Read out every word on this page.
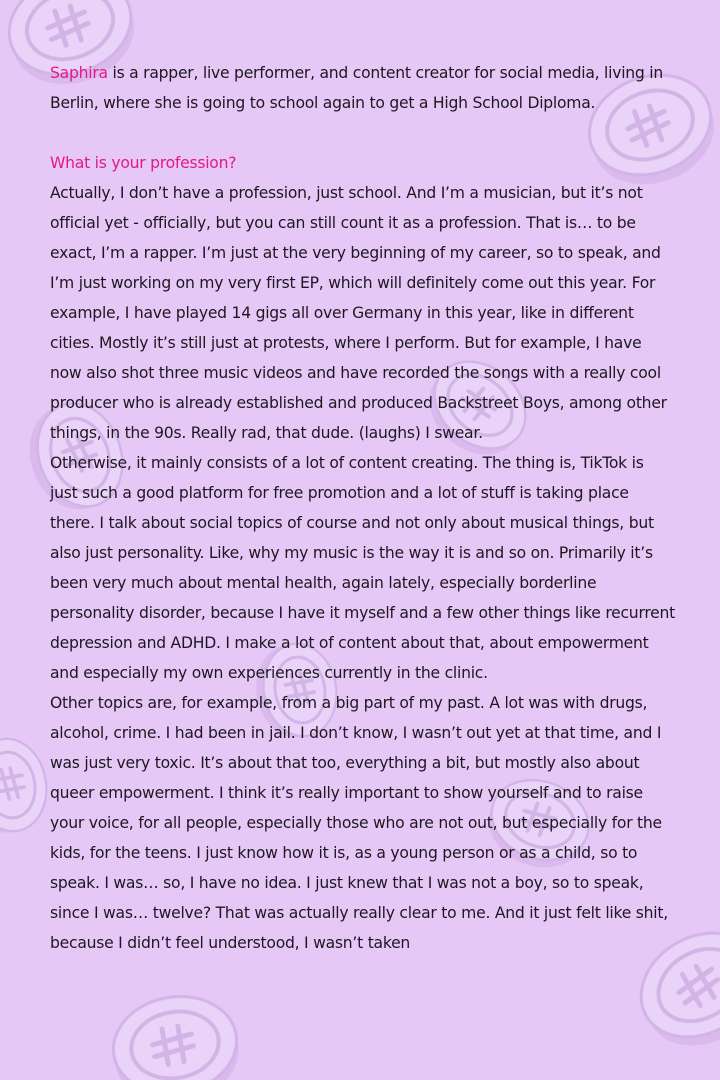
Saphira is a rapper, live performer, and content creator for social media, living in Berlin, where she is going to school again to get a High School Diploma.

What is your profession?

Actually, I don’t have a profession, just school. And I’m a musician, but it’s not official yet - officially, but you can still count it as a profession. That is… to be exact, I’m a rapper. I’m just at the very beginning of my career, so to speak, and I’m just working on my very first EP, which will definitely come out this year. For example, I have played 14 gigs all over Germany in this year, like in different cities. Mostly it’s still just at protests, where I perform. But for example, I have now also shot three music videos and have recorded the songs with a really cool producer who is already established and produced Backstreet Boys, among other things, in the 90s. Really rad, that dude. (laughs) I swear.

Otherwise, it mainly consists of a lot of content creating. The thing is, TikTok is just such a good platform for free promotion and a lot of stuff is taking place there. I talk about social topics of course and not only about musical things, but also just personality. Like, why my music is the way it is and so on. Primarily it’s been very much about mental health, again lately, especially borderline personality disorder, because I have it myself and a few other things like recurrent depression and ADHD. I make a lot of content about that, about empowerment and especially my own experiences currently in the clinic.

Other topics are, for example, from a big part of my past. A lot was with drugs, alcohol, crime. I had been in jail. I don’t know, I wasn’t out yet at that time, and I was just very toxic. It’s about that too, everything a bit, but mostly also about queer empowerment. I think it’s really important to show yourself and to raise your voice, for all people, especially those who are not out, but especially for the kids, for the teens. I just know how it is, as a young person or as a child, so to speak. I was… so, I have no idea. I just knew that I was not a boy, so to speak, since I was… twelve? That was actually really clear to me. And it just felt like shit, because I didn’t feel understood, I wasn’t taken
